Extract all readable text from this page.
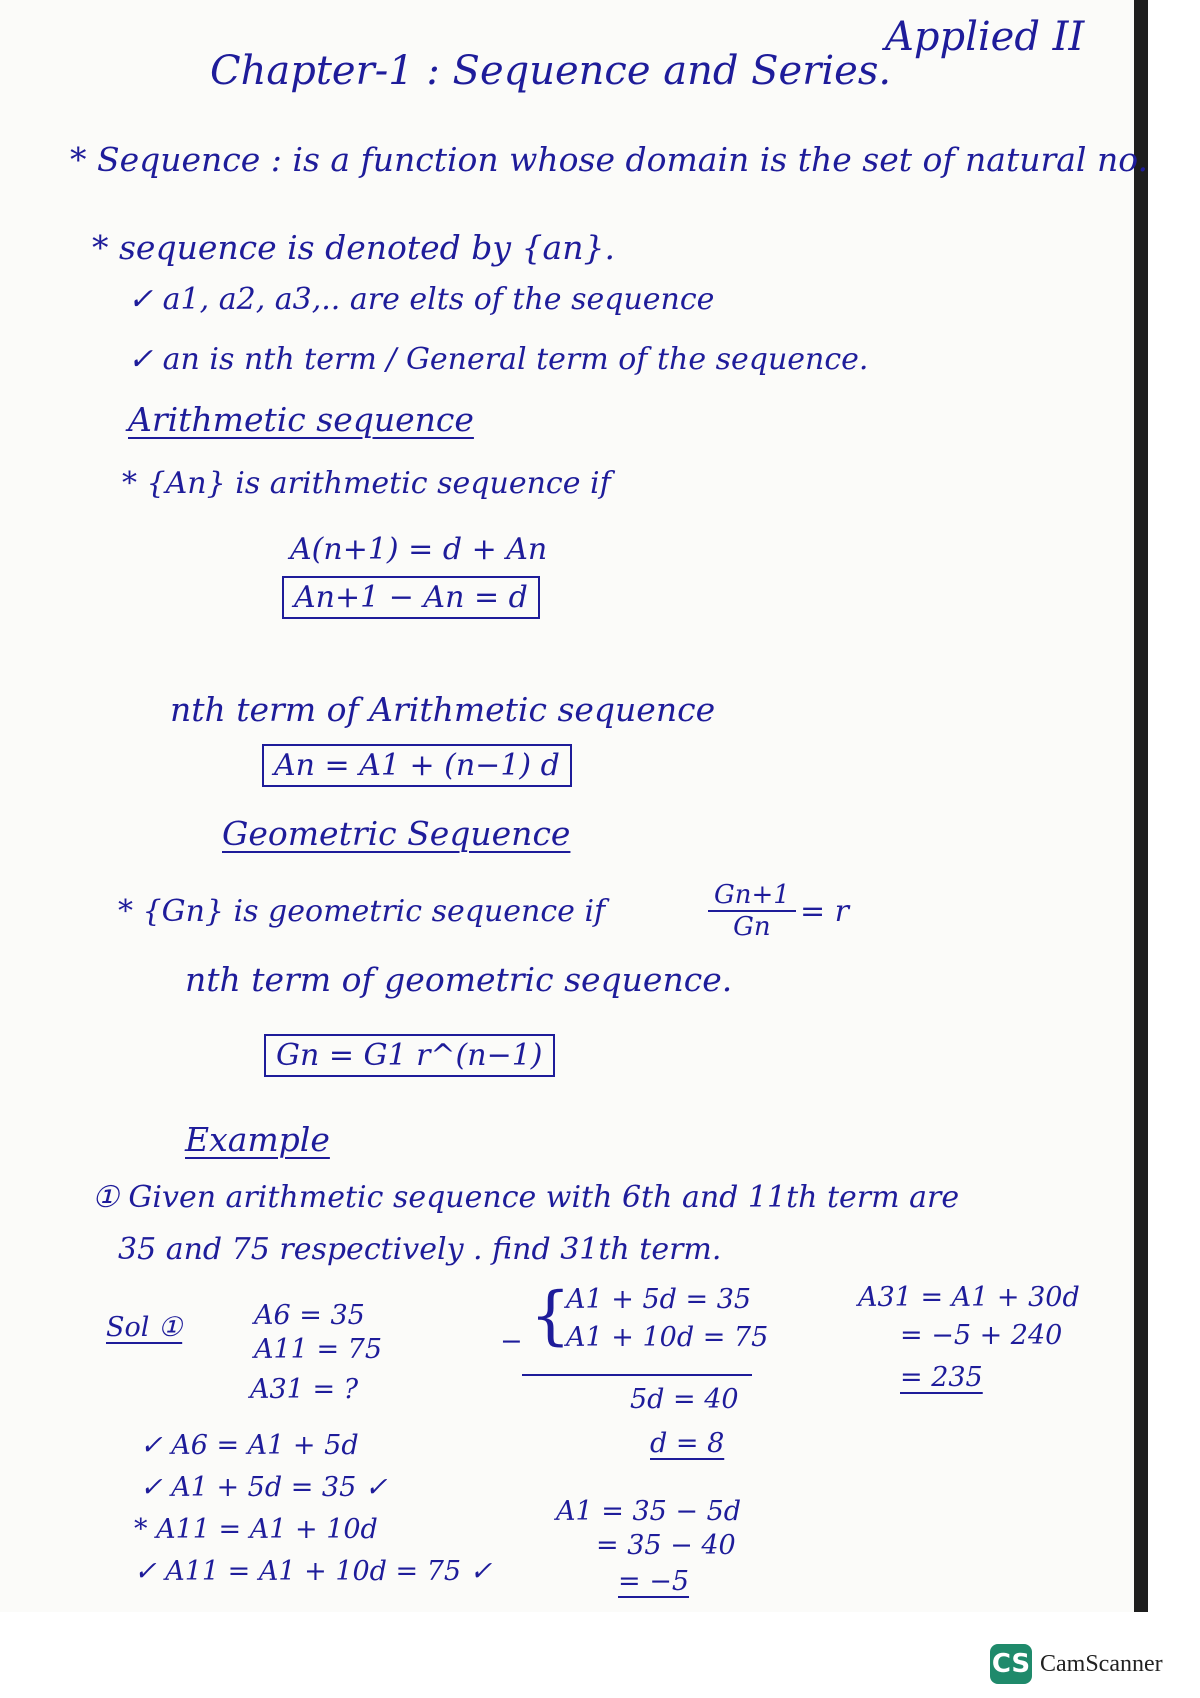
Chapter-1 : Sequence and Series.
Applied II
* Sequence : is a function whose domain is the set of natural no.
* sequence is denoted by {an}.
✓ a1, a2, a3,.. are elts of the sequence
✓ an is nth term / General term of the sequence.
Arithmetic sequence
* {An} is arithmetic sequence if
A(n+1) = d + An
An+1 − An = d
nth term of Arithmetic sequence
An = A1 + (n−1) d
Geometric Sequence
* {Gn} is geometric sequence if	$\frac{Gn+1}{Gn} = r$
nth term of geometric sequence.
Gn = G1 r^(n−1)
Example
① Given arithmetic sequence with 6th and 11th term are
35 and 75 respectively . find 31th term.
Sol ①	A6 = 35
A11 = 75
A31 = ?
✓ A6 = A1 + 5d
✓ A1 + 5d = 35 ✓
* A11 = A1 + 10d
✓ A11 = A1 + 10d = 75 ✓
− {
A1 + 5d = 35
A1 + 10d = 75
5d = 40
d = 8
A1 = 35 − 5d
= 35 − 40
= −5
A31 = A1 + 30d
= −5 + 240
= 235
CS CamScanner
